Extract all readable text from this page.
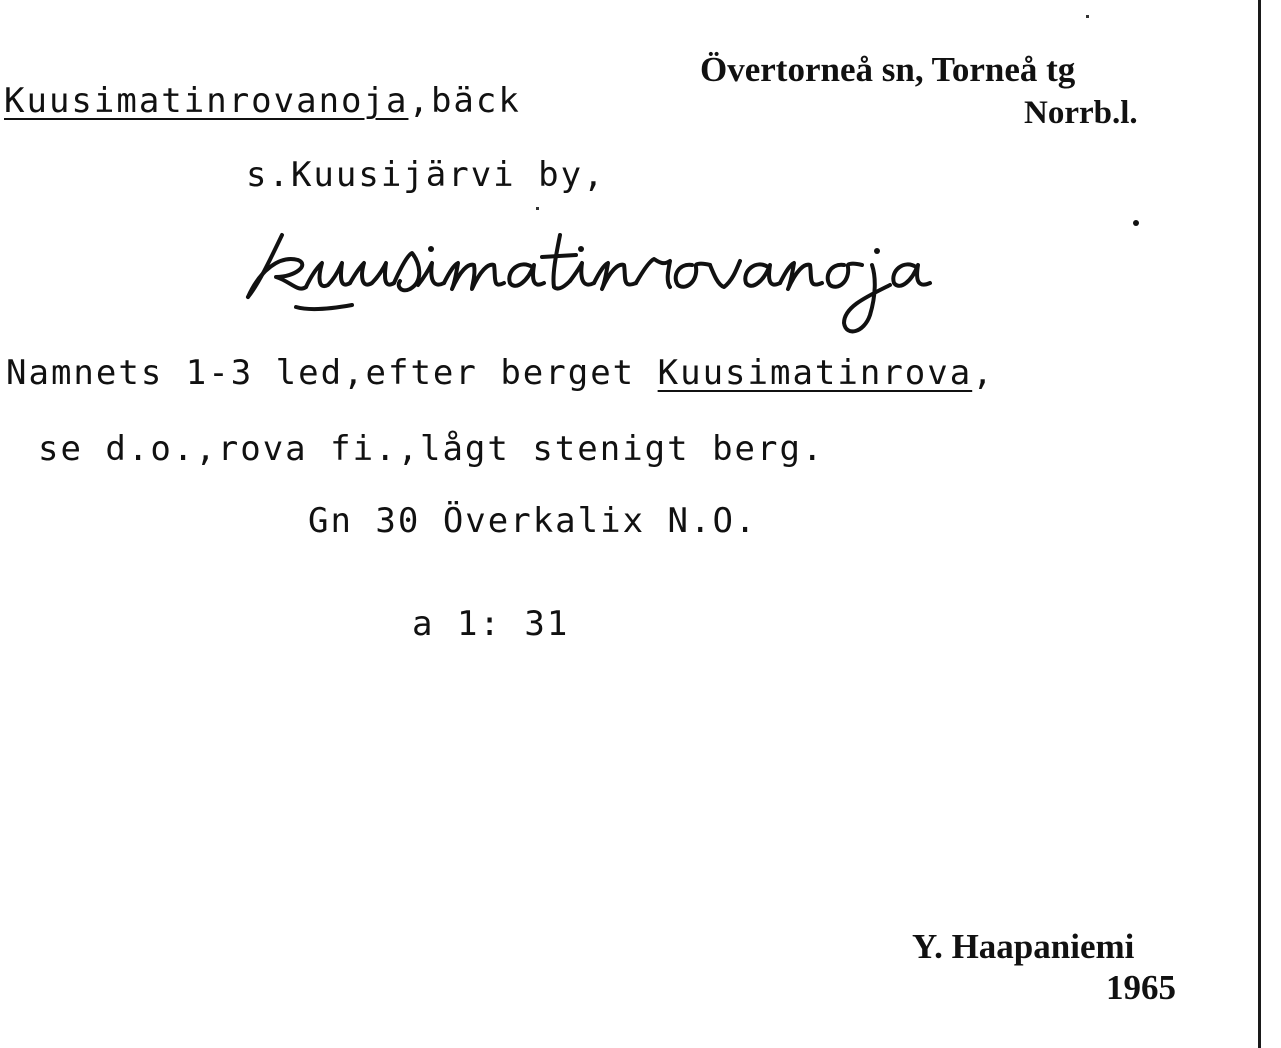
Övertorneå sn, Torneå tg
Norrb.l.
Kuusimatinrovanoja,bäck
s.Kuusijärvi by,
Namnets 1-3 led,efter berget Kuusimatinrova,
se d.o.,rova fi.,lågt stenigt berg.
Gn 30 Överkalix N.O.
a 1: 31
Y. Haapaniemi
1965
